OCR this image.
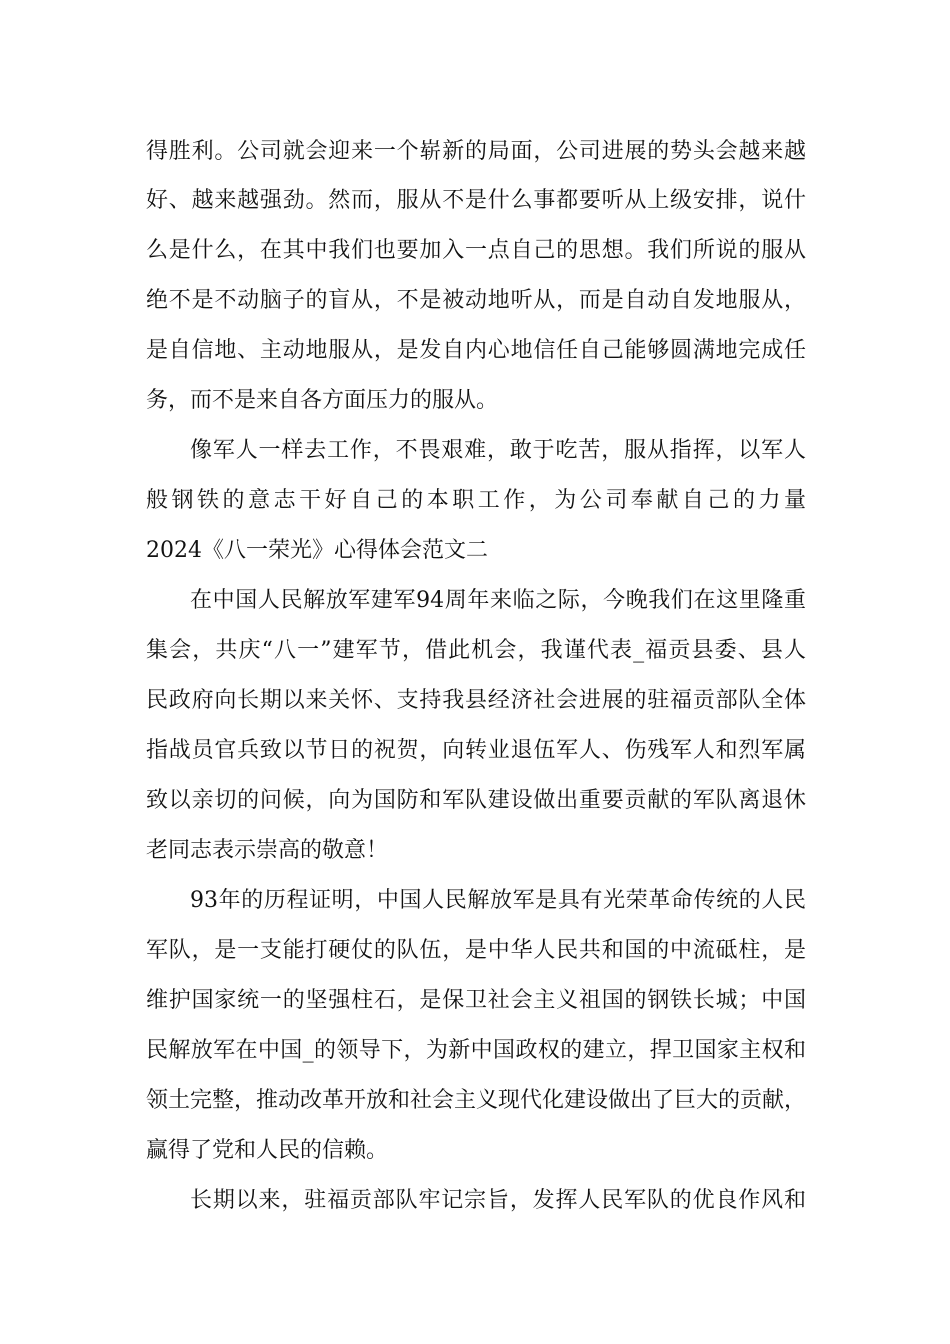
得胜利。公司就会迎来一个崭新的局面，公司进展的势头会越来越
好、越来越强劲。然而，服从不是什么事都要听从上级安排，说什
么是什么，在其中我们也要加入一点自己的思想。我们所说的服从
绝不是不动脑子的盲从，不是被动地听从，而是自动自发地服从，
是自信地、主动地服从，是发自内心地信任自己能够圆满地完成任
务，而不是来自各方面压力的服从。
像军人一样去工作，不畏艰难，敢于吃苦，服从指挥，以军人
般钢铁的意志干好自己的本职工作，为公司奉献自己的力量
2024《八一荣光》心得体会范文二
在中国人民解放军建军94周年来临之际，今晚我们在这里隆重
集会，共庆“八一”建军节，借此机会，我谨代表_福贡县委、县人
民政府向长期以来关怀、支持我县经济社会进展的驻福贡部队全体
指战员官兵致以节日的祝贺，向转业退伍军人、伤残军人和烈军属
致以亲切的问候，向为国防和军队建设做出重要贡献的军队离退休
老同志表示崇高的敬意！
93年的历程证明，中国人民解放军是具有光荣革命传统的人民
军队，是一支能打硬仗的队伍，是中华人民共和国的中流砥柱，是
维护国家统一的坚强柱石，是保卫社会主义祖国的钢铁长城；中国
民解放军在中国_的领导下，为新中国政权的建立，捍卫国家主权和
领土完整，推动改革开放和社会主义现代化建设做出了巨大的贡献，
赢得了党和人民的信赖。
长期以来，驻福贡部队牢记宗旨，发挥人民军队的优良作风和
